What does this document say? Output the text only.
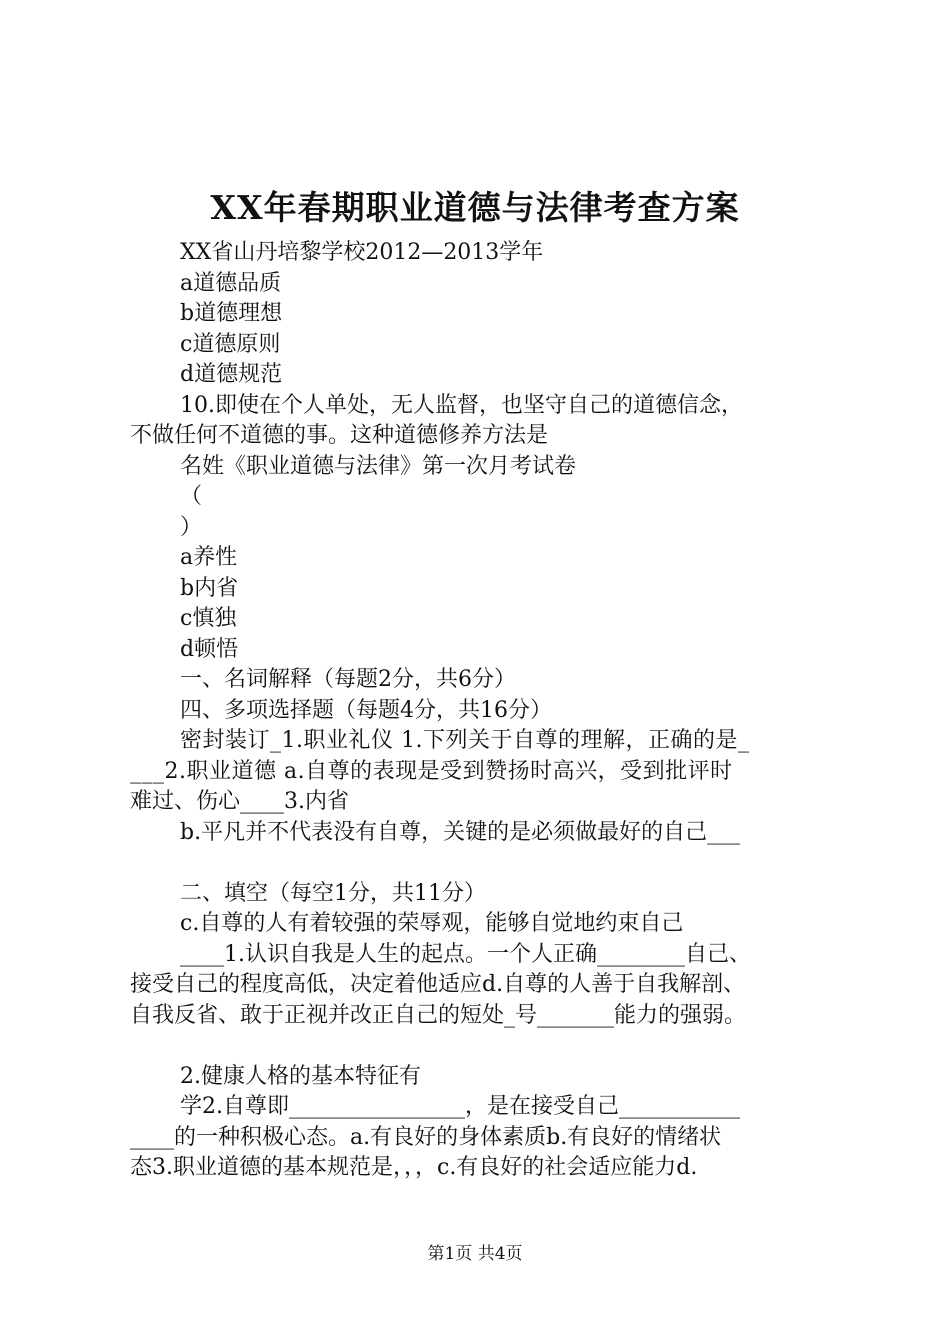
XX年春期职业道德与法律考查方案
XX省山丹培黎学校2012—2013学年
a道德品质
b道德理想
c道德原则
d道德规范
10.即使在个人单处，无人监督，也坚守自己的道德信念，
不做任何不道德的事。这种道德修养方法是
名姓《职业道德与法律》第一次月考试卷
（
）
a养性
b内省
c慎独
d顿悟
一、名词解释（每题2分，共6分）
四、多项选择题（每题4分，共16分）
密封装订_1.职业礼仪 1.下列关于自尊的理解，正确的是_
___2.职业道德 a.自尊的表现是受到赞扬时高兴，受到批评时
难过、伤心____3.内省
b.平凡并不代表没有自尊，关键的是必须做最好的自己___
二、填空（每空1分，共11分）
c.自尊的人有着较强的荣辱观，能够自觉地约束自己
____1.认识自我是人生的起点。一个人正确________自己、
接受自己的程度高低，决定着他适应d.自尊的人善于自我解剖、
自我反省、敢于正视并改正自己的短处_号_______能力的强弱。
2.健康人格的基本特征有
学2.自尊即________________，是在接受自己___________
____的一种积极心态。a.有良好的身体素质b.有良好的情绪状
态3.职业道德的基本规范是，，，c.有良好的社会适应能力d.
第1页 共4页
